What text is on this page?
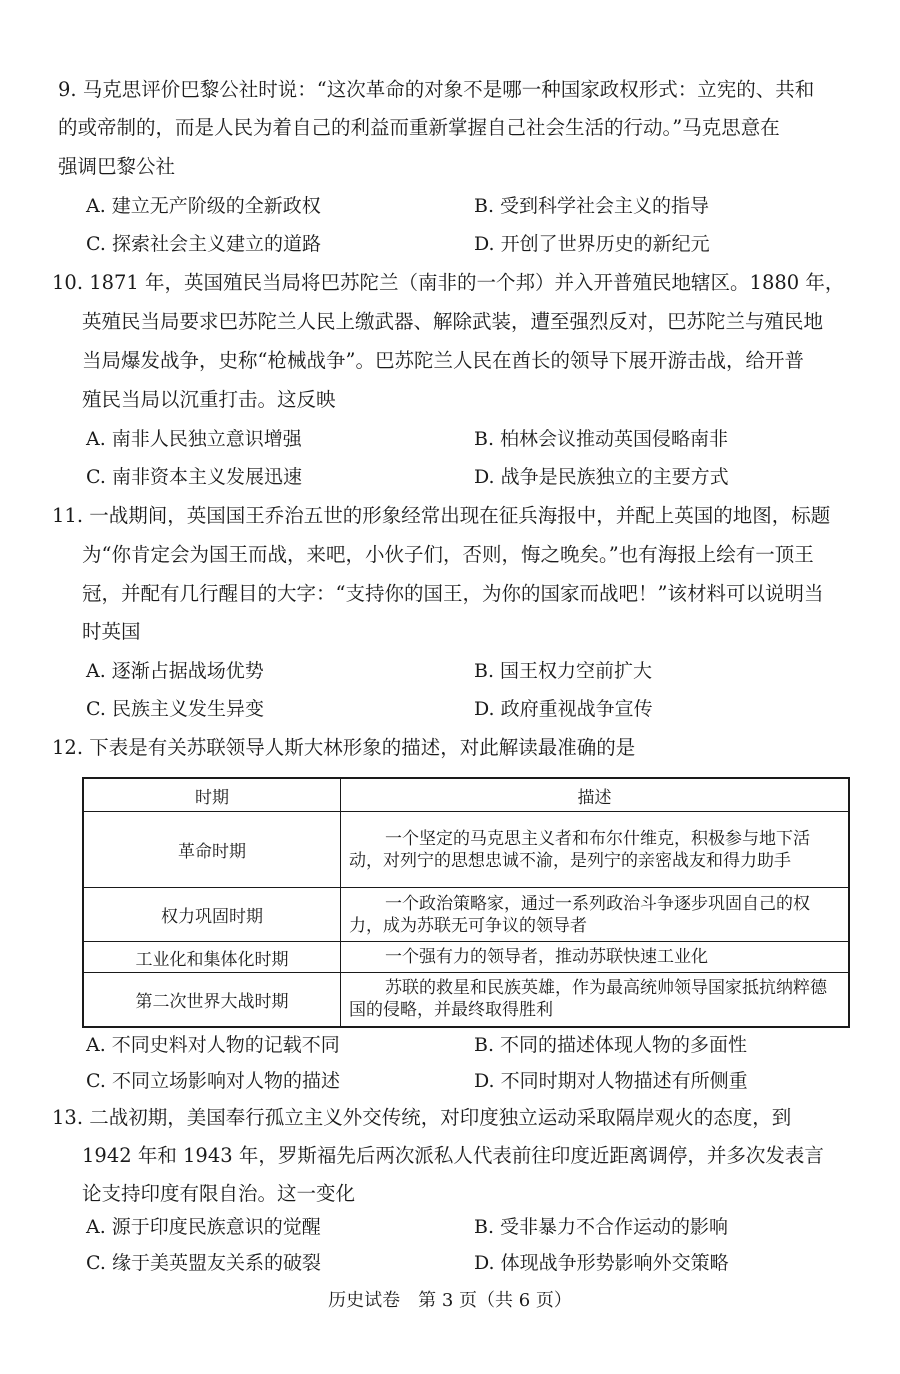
9. 马克思评价巴黎公社时说：“这次革命的对象不是哪一种国家政权形式：立宪的、共和
的或帝制的，而是人民为着自己的利益而重新掌握自己社会生活的行动。”马克思意在
强调巴黎公社
A. 建立无产阶级的全新政权	B. 受到科学社会主义的指导
C. 探索社会主义建立的道路	D. 开创了世界历史的新纪元
10. 1871 年，英国殖民当局将巴苏陀兰（南非的一个邦）并入开普殖民地辖区。1880 年，
英殖民当局要求巴苏陀兰人民上缴武器、解除武装，遭至强烈反对，巴苏陀兰与殖民地
当局爆发战争，史称“枪械战争”。巴苏陀兰人民在酋长的领导下展开游击战，给开普
殖民当局以沉重打击。这反映
A. 南非人民独立意识增强	B. 柏林会议推动英国侵略南非
C. 南非资本主义发展迅速	D. 战争是民族独立的主要方式
11. 一战期间，英国国王乔治五世的形象经常出现在征兵海报中，并配上英国的地图，标题
为“你肯定会为国王而战，来吧，小伙子们，否则，悔之晚矣。”也有海报上绘有一顶王
冠，并配有几行醒目的大字：“支持你的国王，为你的国家而战吧！”该材料可以说明当
时英国
A. 逐渐占据战场优势	B. 国王权力空前扩大
C. 民族主义发生异变	D. 政府重视战争宣传
12. 下表是有关苏联领导人斯大林形象的描述，对此解读最准确的是
时期	描述
革命时期	一个坚定的马克思主义者和布尔什维克，积极参与地下活动，对列宁的思想忠诚不渝，是列宁的亲密战友和得力助手
权力巩固时期	一个政治策略家，通过一系列政治斗争逐步巩固自己的权力，成为苏联无可争议的领导者
工业化和集体化时期	一个强有力的领导者，推动苏联快速工业化
第二次世界大战时期	苏联的救星和民族英雄，作为最高统帅领导国家抵抗纳粹德国的侵略，并最终取得胜利
A. 不同史料对人物的记载不同	B. 不同的描述体现人物的多面性
C. 不同立场影响对人物的描述	D. 不同时期对人物描述有所侧重
13. 二战初期，美国奉行孤立主义外交传统，对印度独立运动采取隔岸观火的态度，到
1942 年和 1943 年，罗斯福先后两次派私人代表前往印度近距离调停，并多次发表言
论支持印度有限自治。这一变化
A. 源于印度民族意识的觉醒	B. 受非暴力不合作运动的影响
C. 缘于美英盟友关系的破裂	D. 体现战争形势影响外交策略
历史试卷　第 3 页（共 6 页）
